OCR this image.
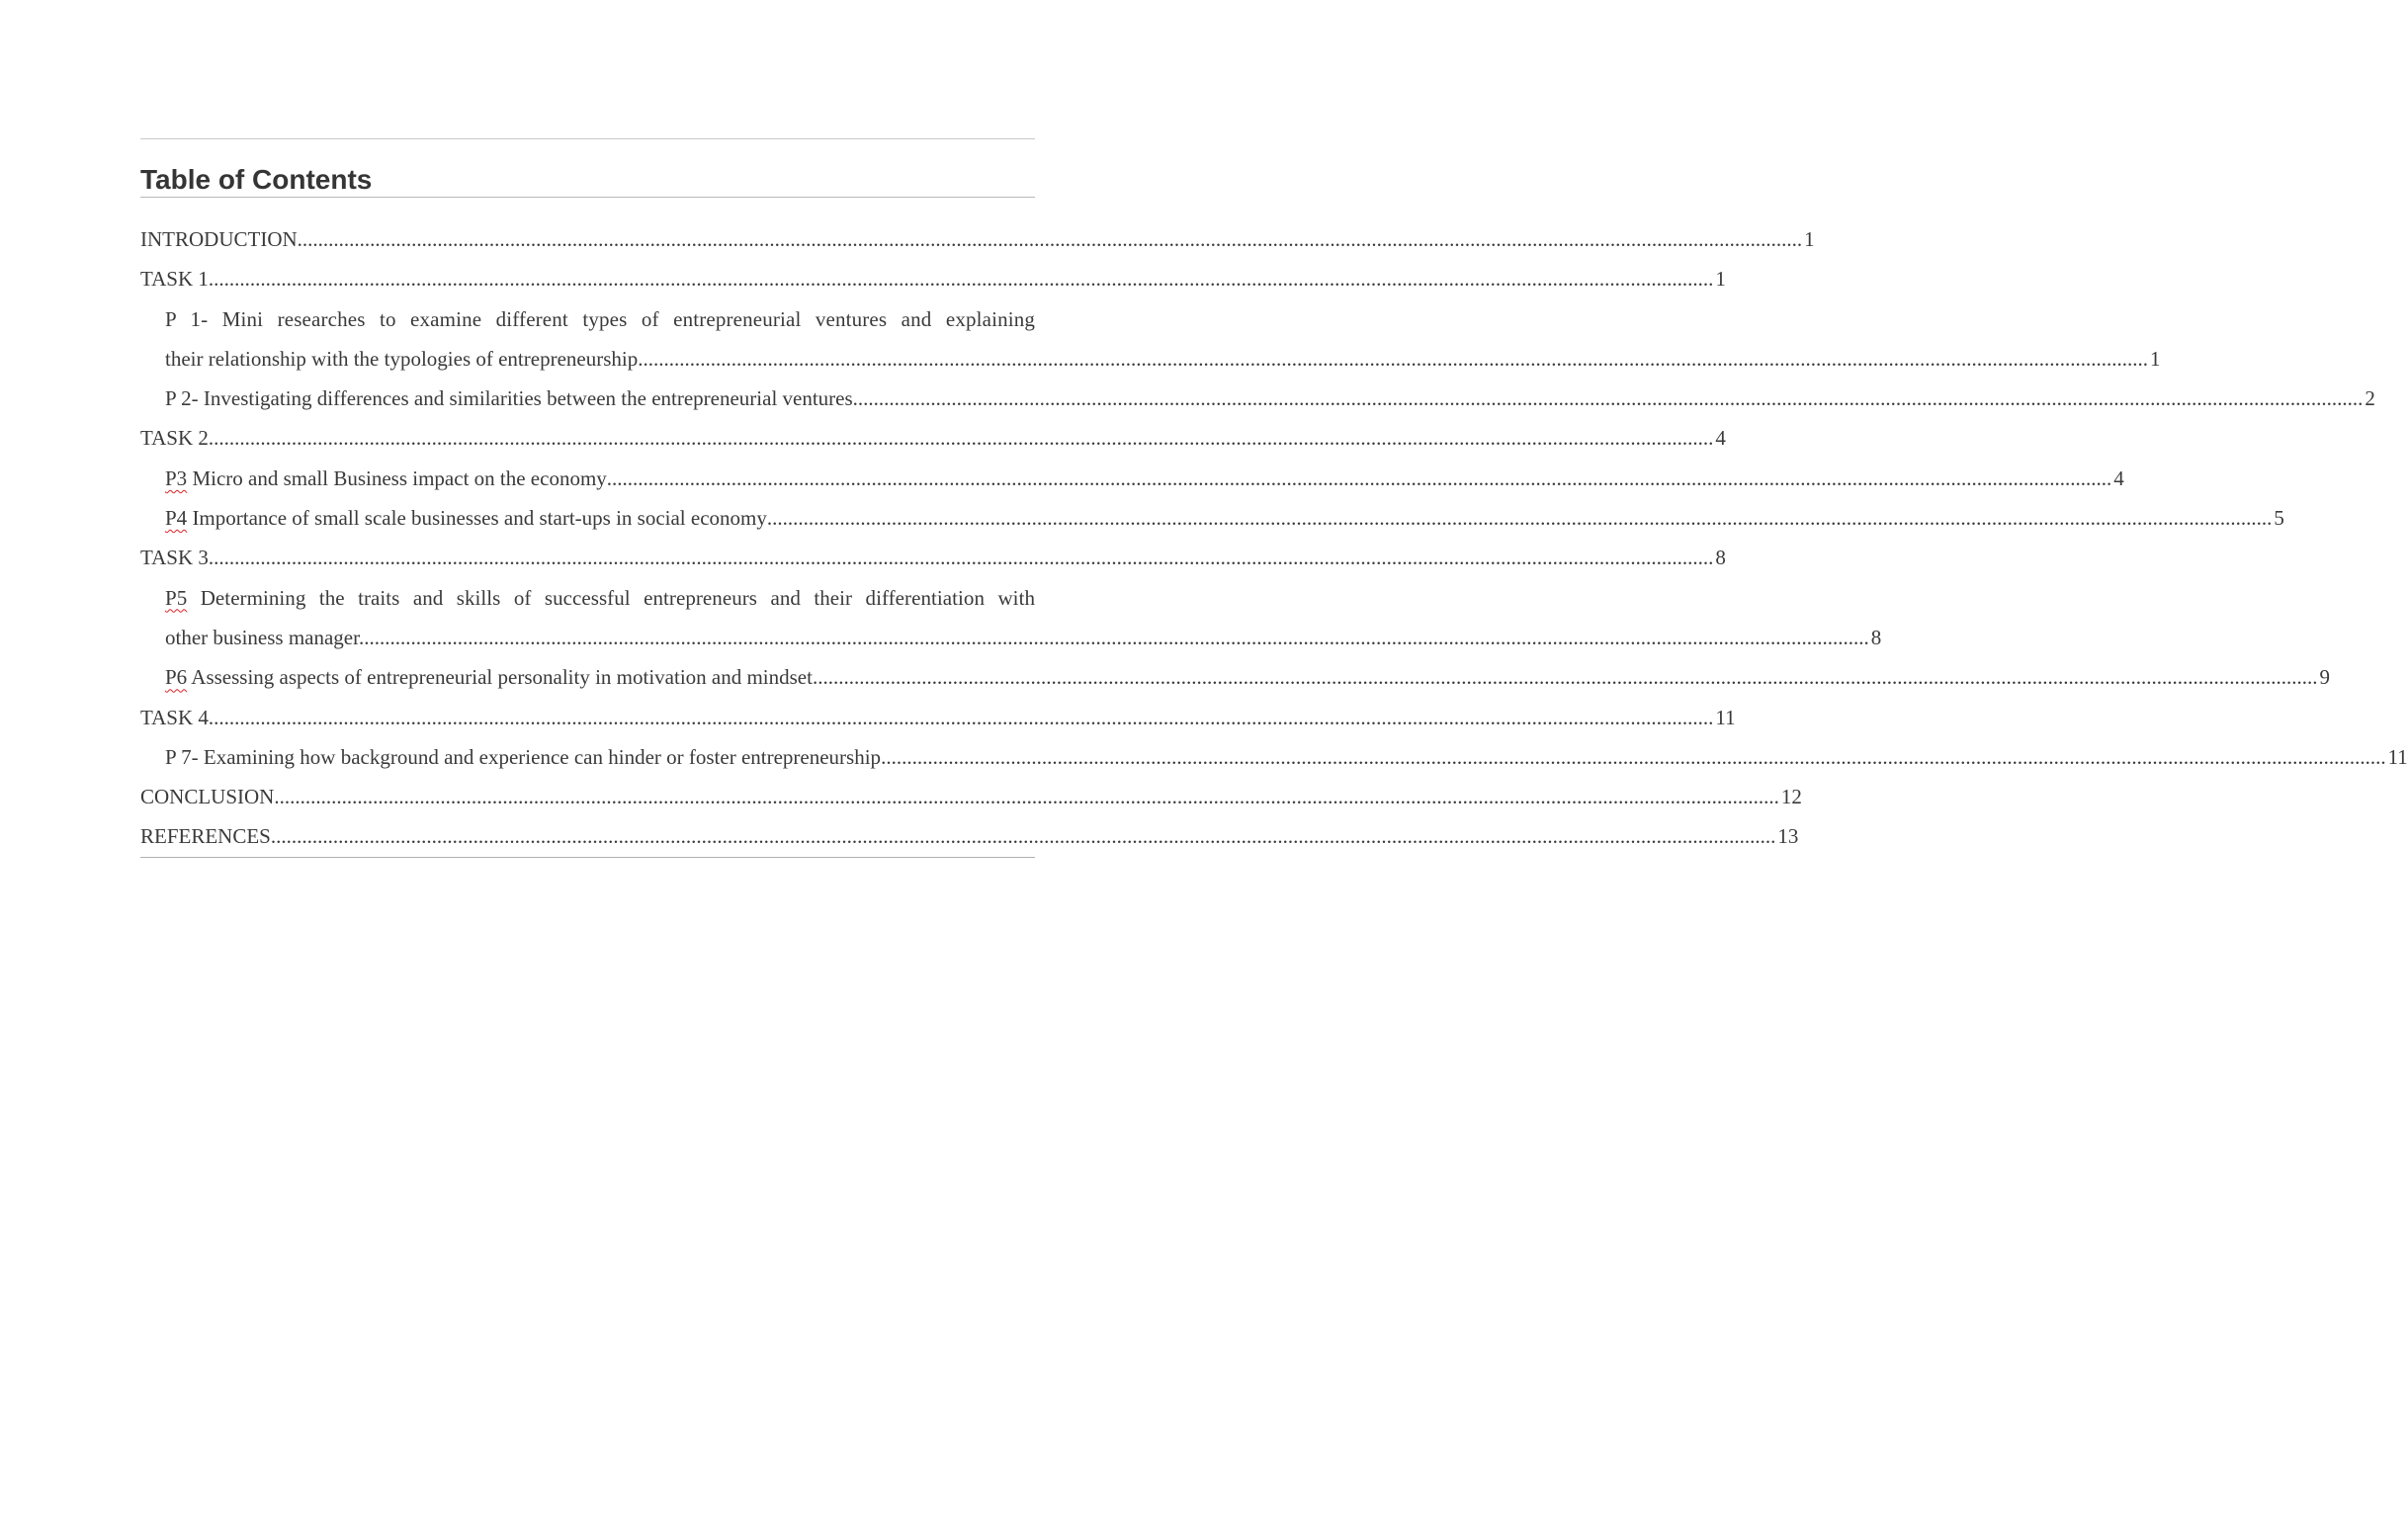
Table of Contents
INTRODUCTION .....	1
TASK 1 .....	1
P 1- Mini researches to examine different types of entrepreneurial ventures and explaining
their relationship with the typologies of entrepreneurship. .....	1
P 2- Investigating differences and similarities between the entrepreneurial ventures. .....	2
TASK 2 .....	4
P3 Micro and small Business impact on the economy .....	4
P4 Importance of small scale businesses and start-ups in social economy .....	5
TASK 3 .....	8
P5 Determining the traits and skills of successful entrepreneurs and their differentiation with
other business manager. .....	8
P6 Assessing aspects of entrepreneurial personality in motivation and mindset .....	9
TASK 4 .....	11
P 7- Examining how background and experience can hinder or foster entrepreneurship .....	11
CONCLUSION .....	12
REFERENCES .....	13
